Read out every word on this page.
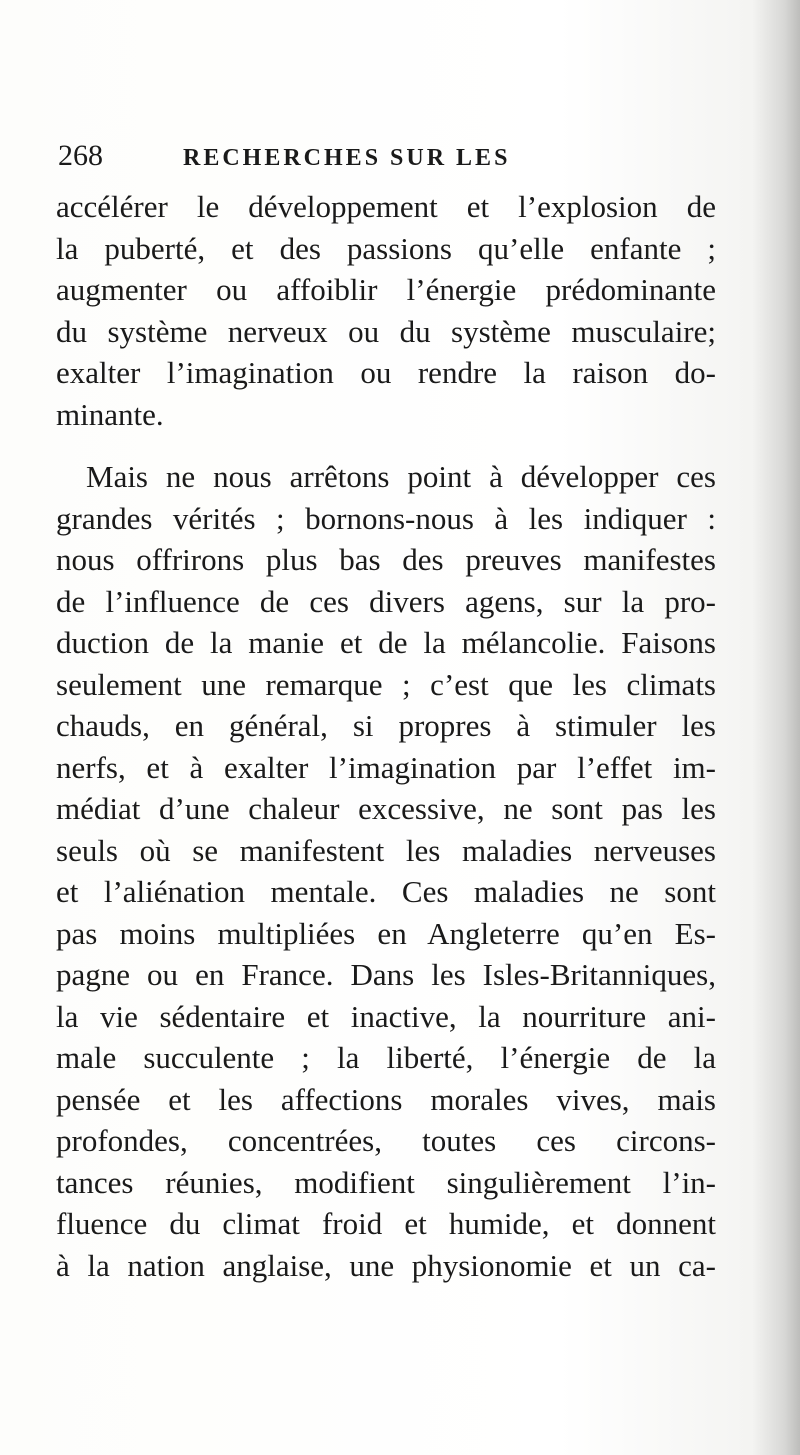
268	RECHERCHES SUR LES

accélérer le développement et l’explosion de
la puberté, et des passions qu’elle enfante ;
augmenter ou affoiblir l’énergie prédominante
du système nerveux ou du système musculaire;
exalter l’imagination ou rendre la raison do-
minante.

Mais ne nous arrêtons point à développer ces
grandes vérités ; bornons-nous à les indiquer :
nous offrirons plus bas des preuves manifestes
de l’influence de ces divers agens, sur la pro-
duction de la manie et de la mélancolie. Faisons
seulement une remarque ; c’est que les climats
chauds, en général, si propres à stimuler les
nerfs, et à exalter l’imagination par l’effet im-
médiat d’une chaleur excessive, ne sont pas les
seuls où se manifestent les maladies nerveuses
et l’aliénation mentale. Ces maladies ne sont
pas moins multipliées en Angleterre qu’en Es-
pagne ou en France. Dans les Isles-Britanniques,
la vie sédentaire et inactive, la nourriture ani-
male succulente ; la liberté, l’énergie de la
pensée et les affections morales vives, mais
profondes, concentrées, toutes ces circons-
tances réunies, modifient singulièrement l’in-
fluence du climat froid et humide, et donnent
à la nation anglaise, une physionomie et un ca-
